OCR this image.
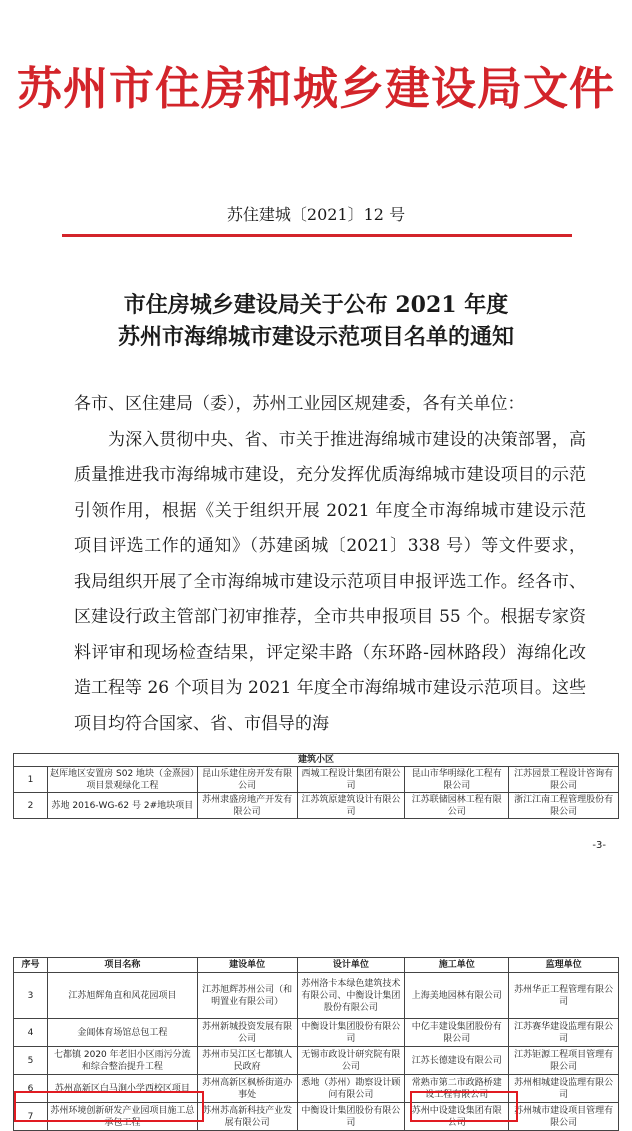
苏州市住房和城乡建设局文件
苏住建城〔2021〕12 号
市住房城乡建设局关于公布 2021 年度
苏州市海绵城市建设示范项目名单的通知

各市、区住建局（委），苏州工业园区规建委，各有关单位：

为深入贯彻中央、省、市关于推进海绵城市建设的决策部署，高质量推进我市海绵城市建设，充分发挥优质海绵城市建设项目的示范引领作用，根据《关于组织开展 2021 年度全市海绵城市建设示范项目评选工作的通知》（苏建函城〔2021〕338 号）等文件要求，我局组织开展了全市海绵城市建设示范项目申报评选工作。经各市、区建设行政主管部门初审推荐，全市共申报项目 55 个。根据专家资料评审和现场检查结果，评定梁丰路（东环路-园林路段）海绵化改造工程等 26 个项目为 2021 年度全市海绵城市建设示范项目。这些项目均符合国家、省、市倡导的海

建筑小区					
1	赵厍地区安置房 S02 地块（金熹园）项目景观绿化工程	昆山乐建住房开发有限公司	西城工程设计集团有限公司	昆山市华明绿化工程有限公司	江苏园景工程设计咨询有限公司
2	苏地 2016-WG-62 号 2#地块项目	苏州隶盛房地产开发有限公司	江苏筑原建筑设计有限公司	江苏联储园林工程有限公司	浙江江南工程管理股份有限公司
-3-
序号	项目名称	建设单位	设计单位	施工单位	监理单位
3	江苏旭辉角直和风花园项目	江苏旭辉苏州公司（和明置业有限公司）	苏州洛卡本绿色建筑技术有限公司、中衡设计集团股份有限公司	上海美地园林有限公司	苏州华正工程管理有限公司
4	金阊体育场馆总包工程	苏州新城投资发展有限公司	中衡设计集团股份有限公司	中亿丰建设集团股份有限公司	江苏赛华建设监理有限公司
5	七都镇 2020 年老旧小区雨污分流和综合整治提升工程	苏州市吴江区七都镇人民政府	无锡市政设计研究院有限公司	江苏长德建设有限公司	江苏钜源工程项目管理有限公司
6	苏州高新区白马涧小学西校区项目	苏州高新区枫桥街道办事处	悉地（苏州）勘察设计顾问有限公司	常熟市第二市政路桥建设工程有限公司	苏州相城建设监理有限公司
7	苏州环境创新研发产业园项目施工总承包工程	苏州苏高新科技产业发展有限公司	中衡设计集团股份有限公司	苏州中设建设集团有限公司	苏州城市建设项目管理有限公司
